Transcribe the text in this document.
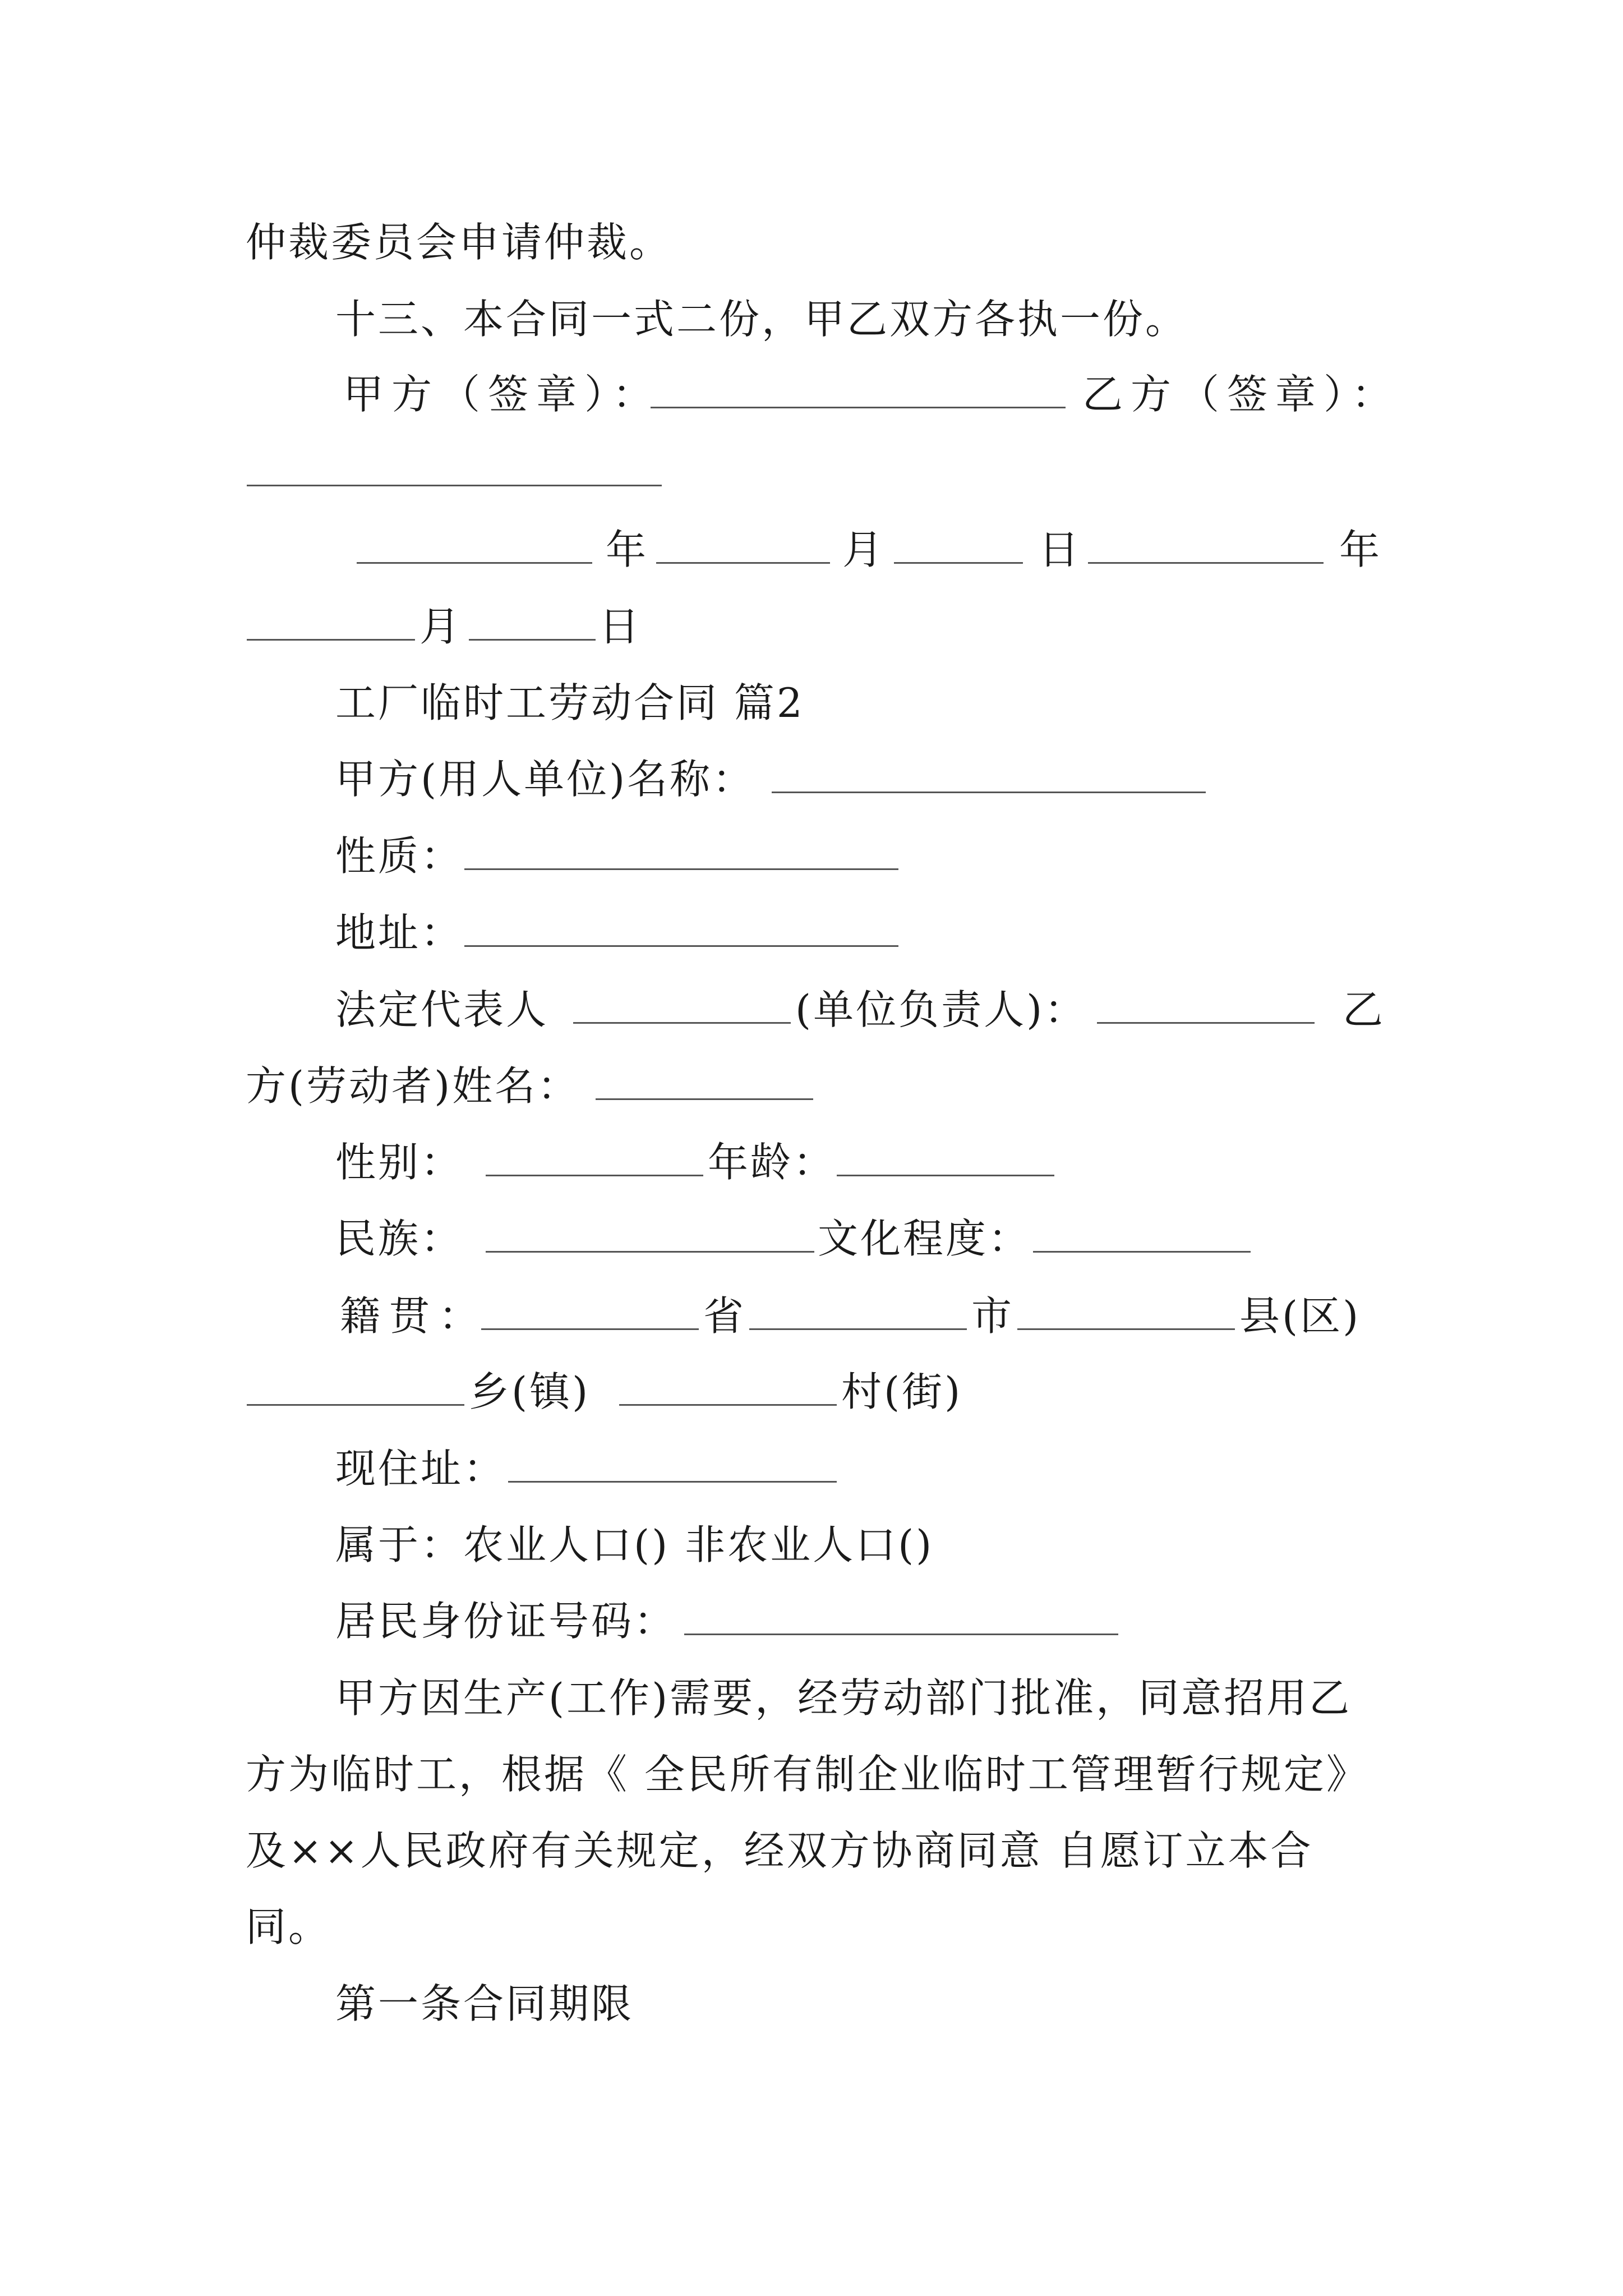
仲裁委员会申请仲裁。
十三、本合同一式二份，甲乙双方各执一份。
甲方（签章）：	乙方（签章）：
年	月	日	年
月	日
工厂临时工劳动合同 篇2
甲方(用人单位)名称：
性质：
地址：
法定代表人	(单位负责人)：	乙
方(劳动者)姓名：
性别：	年龄：
民族：	文化程度：
籍贯：	省	市	县(区)
乡(镇)	村(街)
现住址：
属于：农业人口() 非农业人口()
居民身份证号码：
甲方因生产(工作)需要，经劳动部门批准，同意招用乙
方为临时工，根据《 全民所有制企业临时工管理暂行规定》
及××人民政府有关规定，经双方协商同意 自愿订立本合
同。
第一条合同期限
